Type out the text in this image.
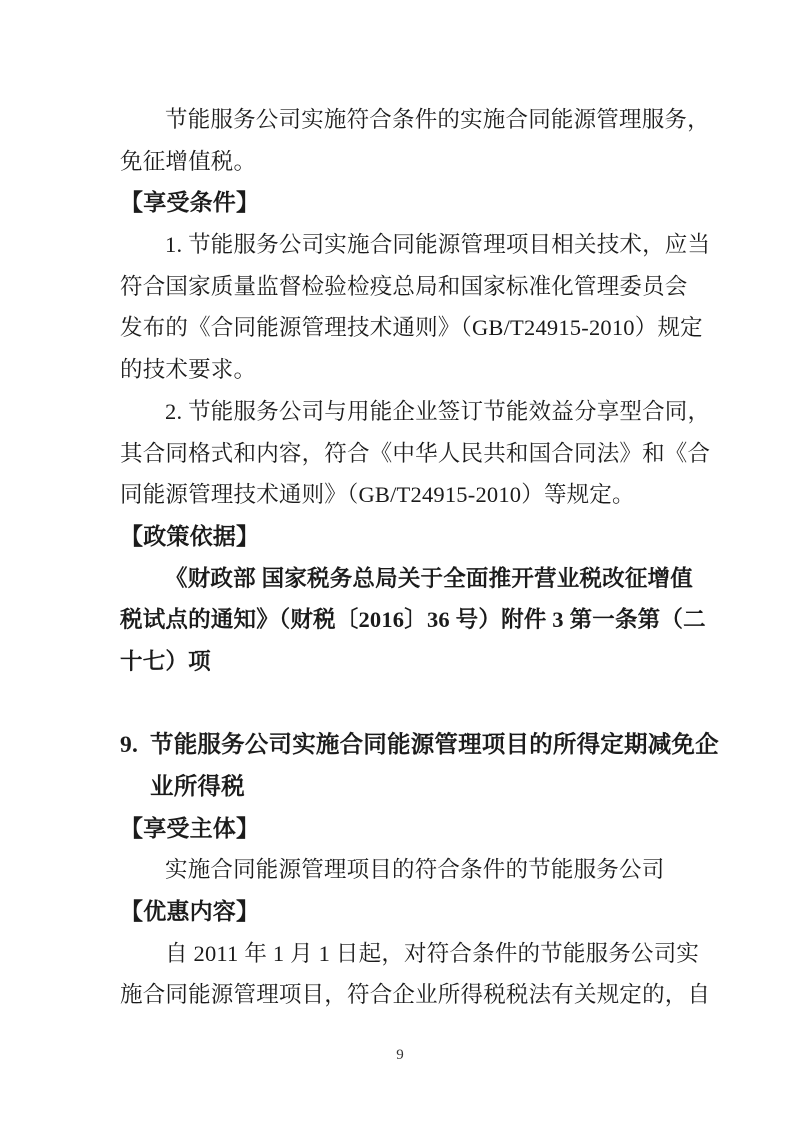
节能服务公司实施符合条件的实施合同能源管理服务，
免征增值税。
【享受条件】
1. 节能服务公司实施合同能源管理项目相关技术，应当
符合国家质量监督检验检疫总局和国家标准化管理委员会
发布的《合同能源管理技术通则》（GB/T24915-2010）规定
的技术要求。
2. 节能服务公司与用能企业签订节能效益分享型合同，
其合同格式和内容，符合《中华人民共和国合同法》和《合
同能源管理技术通则》（GB/T24915-2010）等规定。
【政策依据】
《财政部 国家税务总局关于全面推开营业税改征增值
税试点的通知》（财税〔2016〕36 号）附件 3 第一条第（二
十七）项
9. 节能服务公司实施合同能源管理项目的所得定期减免企
业所得税
【享受主体】
实施合同能源管理项目的符合条件的节能服务公司
【优惠内容】
自 2011 年 1 月 1 日起，对符合条件的节能服务公司实
施合同能源管理项目，符合企业所得税税法有关规定的，自
9
